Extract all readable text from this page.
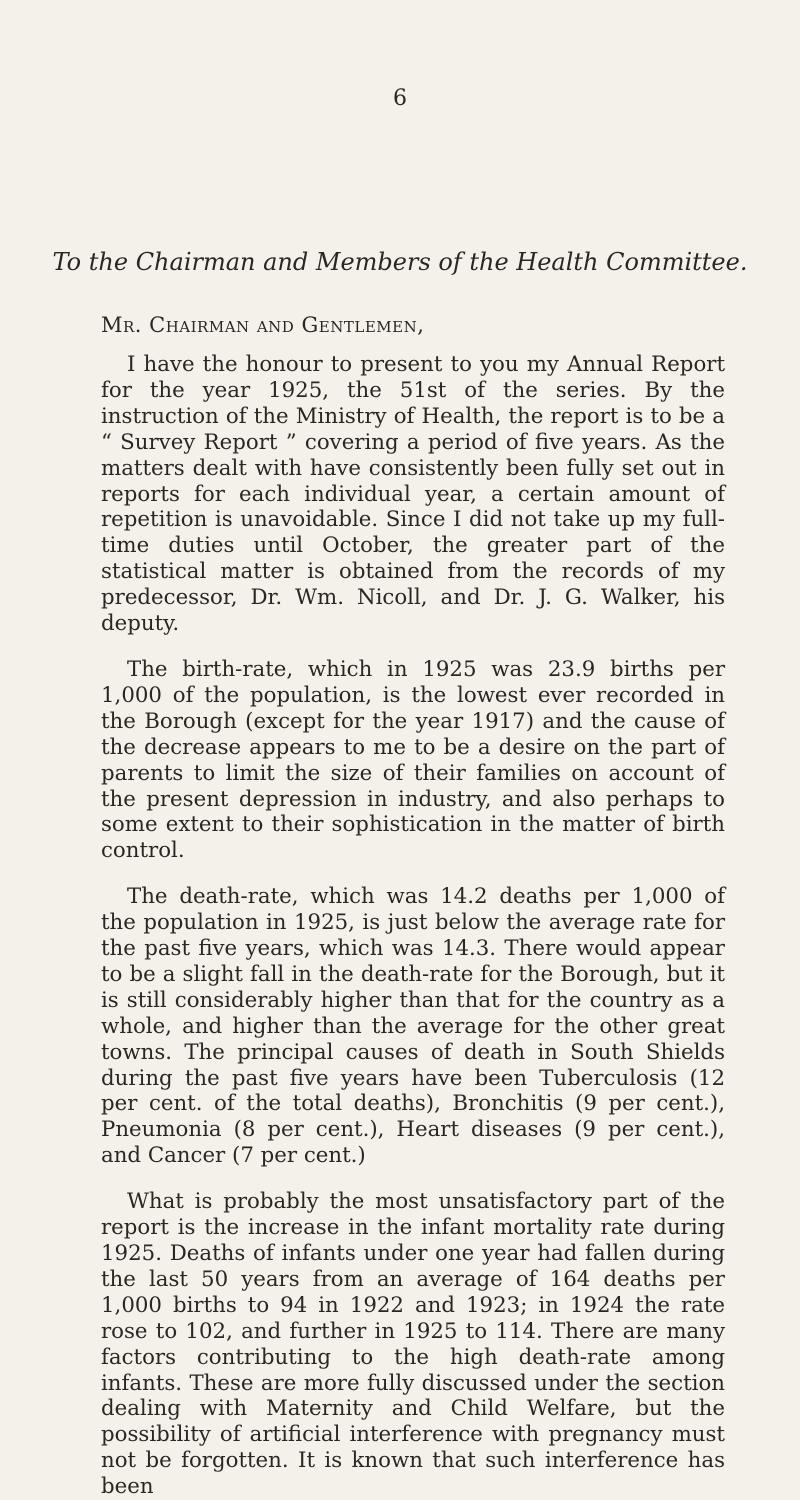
6
To the Chairman and Members of the Health Committee.
Mr. Chairman and Gentlemen,

I have the honour to present to you my Annual Report for the year 1925, the 51st of the series. By the instruction of the Ministry of Health, the report is to be a “ Survey Report ” covering a period of five years. As the matters dealt with have consistently been fully set out in reports for each individual year, a certain amount of repetition is unavoidable. Since I did not take up my full-time duties until October, the greater part of the statistical matter is obtained from the records of my predecessor, Dr. Wm. Nicoll, and Dr. J. G. Walker, his deputy.

The birth-rate, which in 1925 was 23.9 births per 1,000 of the population, is the lowest ever recorded in the Borough (except for the year 1917) and the cause of the decrease appears to me to be a desire on the part of parents to limit the size of their families on account of the present depression in industry, and also perhaps to some extent to their sophistication in the matter of birth control.

The death-rate, which was 14.2 deaths per 1,000 of the population in 1925, is just below the average rate for the past five years, which was 14.3. There would appear to be a slight fall in the death-rate for the Borough, but it is still considerably higher than that for the country as a whole, and higher than the average for the other great towns. The principal causes of death in South Shields during the past five years have been Tuberculosis (12 per cent. of the total deaths), Bronchitis (9 per cent.), Pneumonia (8 per cent.), Heart diseases (9 per cent.), and Cancer (7 per cent.)

What is probably the most unsatisfactory part of the report is the increase in the infant mortality rate during 1925. Deaths of infants under one year had fallen during the last 50 years from an average of 164 deaths per 1,000 births to 94 in 1922 and 1923; in 1924 the rate rose to 102, and further in 1925 to 114. There are many factors contributing to the high death-rate among infants. These are more fully discussed under the section dealing with Maternity and Child Welfare, but the possibility of artificial interference with pregnancy must not be forgotten. It is known that such interference has been
